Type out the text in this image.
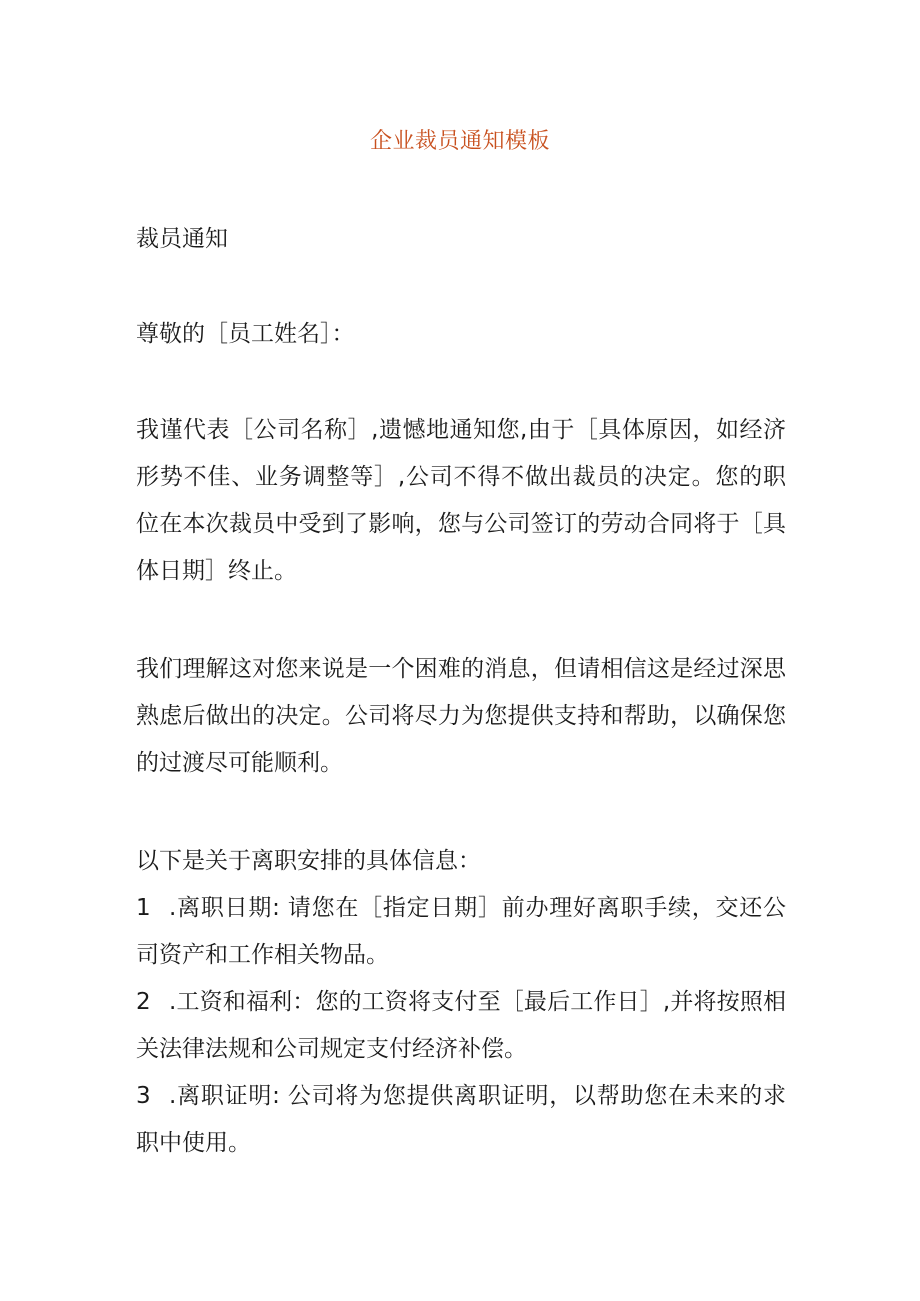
企业裁员通知模板

裁员通知

尊敬的［员工姓名］：

我谨代表［公司名称］,遗憾地通知您,由于［具体原因，如经济形势不佳、业务调整等］,公司不得不做出裁员的决定。您的职位在本次裁员中受到了影响，您与公司签订的劳动合同将于［具体日期］终止。

我们理解这对您来说是一个困难的消息，但请相信这是经过深思熟虑后做出的决定。公司将尽力为您提供支持和帮助，以确保您的过渡尽可能顺利。

以下是关于离职安排的具体信息：

1 .离职日期: 请您在［指定日期］前办理好离职手续，交还公司资产和工作相关物品。
2 .工资和福利：您的工资将支付至［最后工作日］,并将按照相关法律法规和公司规定支付经济补偿。
3 .离职证明: 公司将为您提供离职证明，以帮助您在未来的求职中使用。
